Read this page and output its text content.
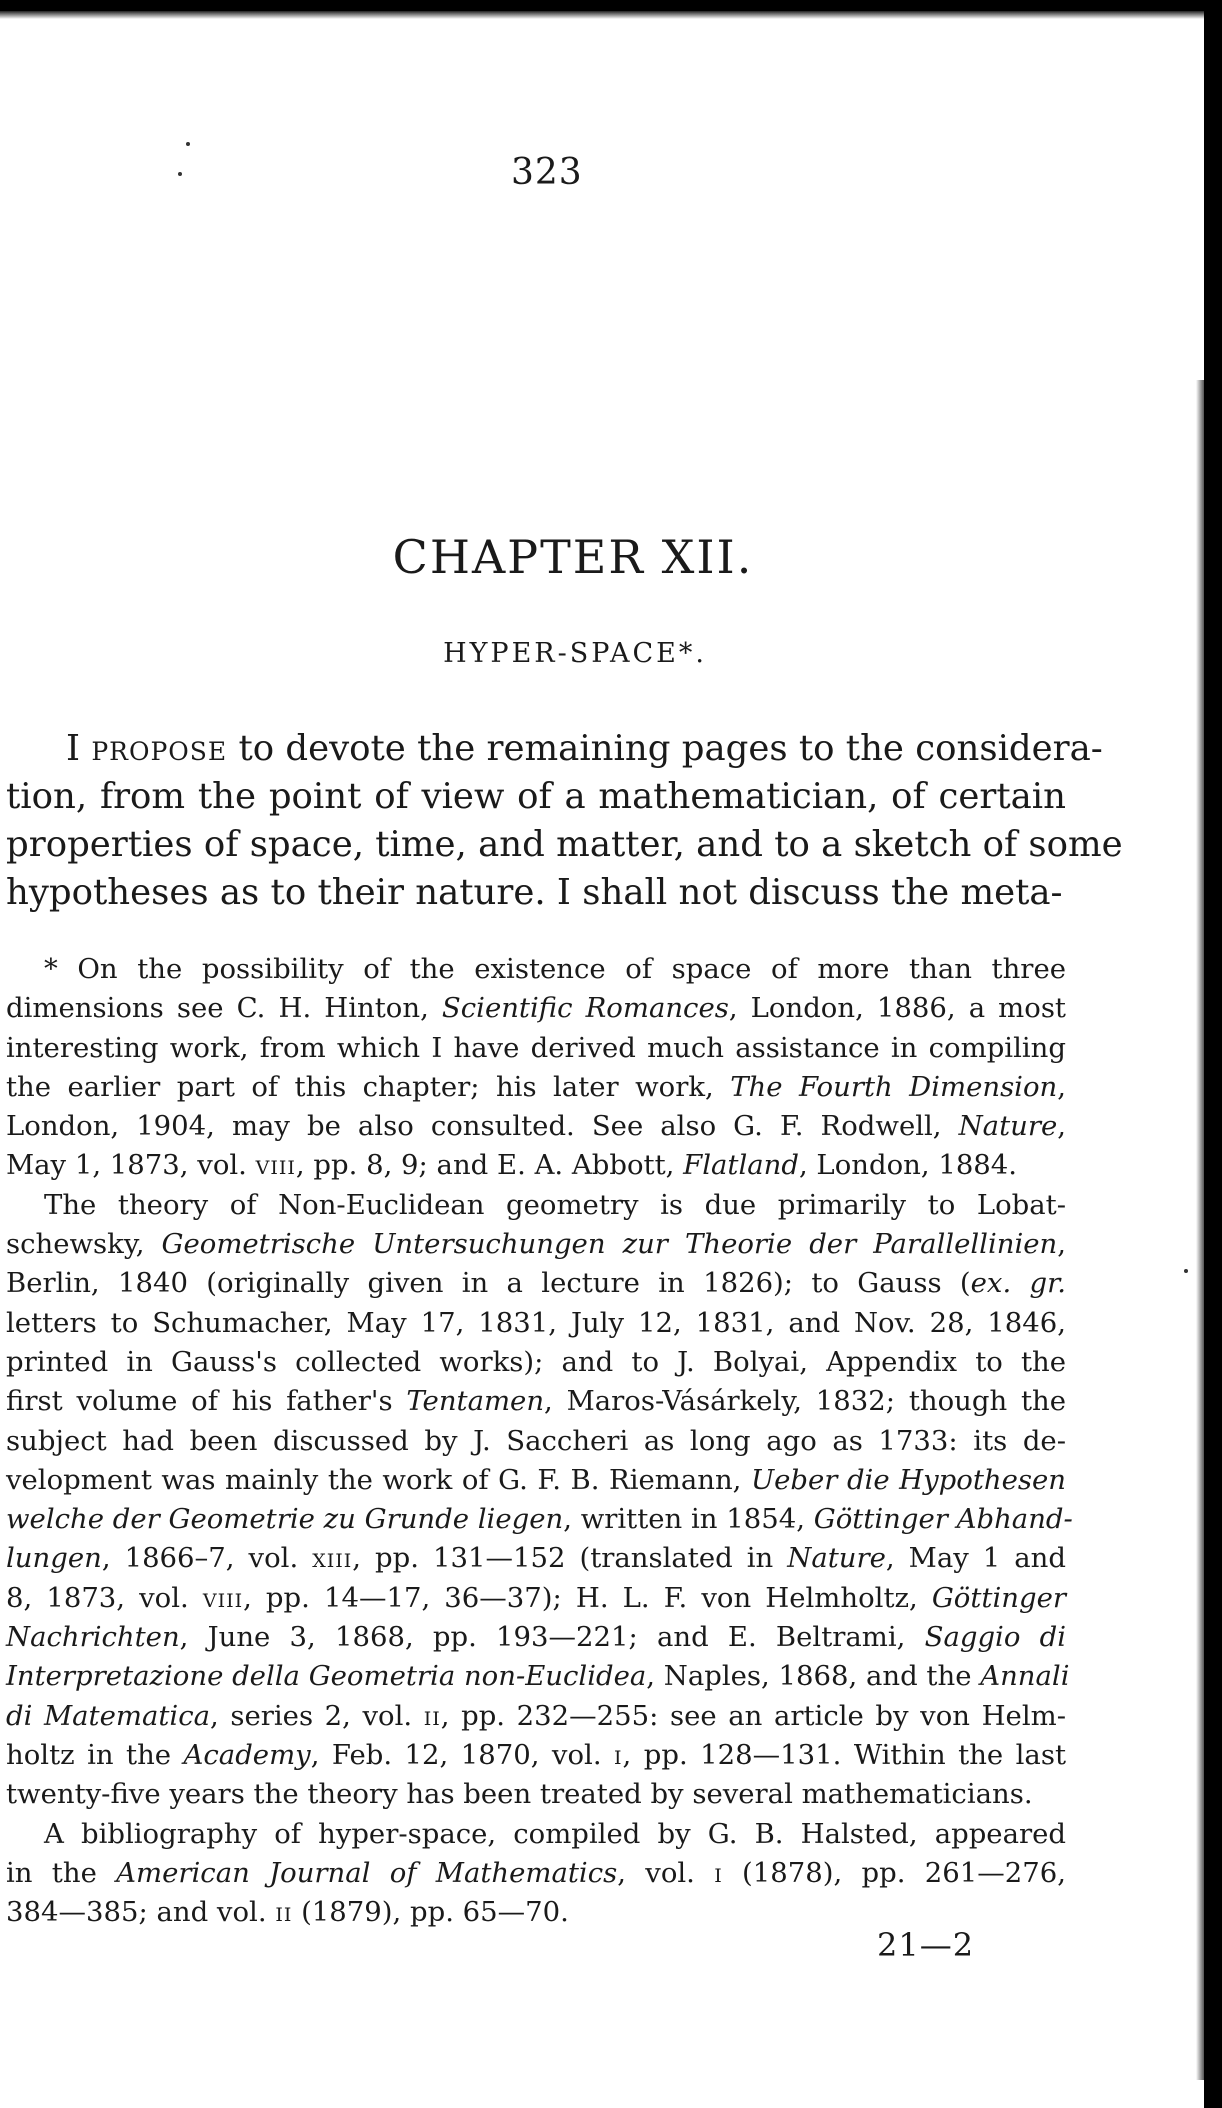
323
CHAPTER XII.
HYPER-SPACE*.
I propose to devote the remaining pages to the considera-
tion, from the point of view of a mathematician, of certain
properties of space, time, and matter, and to a sketch of some
hypotheses as to their nature. I shall not discuss the meta-
* On the possibility of the existence of space of more than three
dimensions see C. H. Hinton, Scientific Romances, London, 1886, a most
interesting work, from which I have derived much assistance in compiling
the earlier part of this chapter; his later work, The Fourth Dimension,
London, 1904, may be also consulted. See also G. F. Rodwell, Nature,
May 1, 1873, vol. viii, pp. 8, 9; and E. A. Abbott, Flatland, London, 1884.
The theory of Non-Euclidean geometry is due primarily to Lobat-
schewsky, Geometrische Untersuchungen zur Theorie der Parallellinien,
Berlin, 1840 (originally given in a lecture in 1826); to Gauss (ex. gr.
letters to Schumacher, May 17, 1831, July 12, 1831, and Nov. 28, 1846,
printed in Gauss's collected works); and to J. Bolyai, Appendix to the
first volume of his father's Tentamen, Maros-Vásárkely, 1832; though the
subject had been discussed by J. Saccheri as long ago as 1733: its de-
velopment was mainly the work of G. F. B. Riemann, Ueber die Hypothesen
welche der Geometrie zu Grunde liegen, written in 1854, Göttinger Abhand-
lungen, 1866–7, vol. xiii, pp. 131—152 (translated in Nature, May 1 and
8, 1873, vol. viii, pp. 14—17, 36—37); H. L. F. von Helmholtz, Göttinger
Nachrichten, June 3, 1868, pp. 193—221; and E. Beltrami, Saggio di
Interpretazione della Geometria non-Euclidea, Naples, 1868, and the Annali
di Matematica, series 2, vol. ii, pp. 232—255: see an article by von Helm-
holtz in the Academy, Feb. 12, 1870, vol. i, pp. 128—131. Within the last
twenty-five years the theory has been treated by several mathematicians.
A bibliography of hyper-space, compiled by G. B. Halsted, appeared
in the American Journal of Mathematics, vol. i (1878), pp. 261—276,
384—385; and vol. ii (1879), pp. 65—70.
21—2
